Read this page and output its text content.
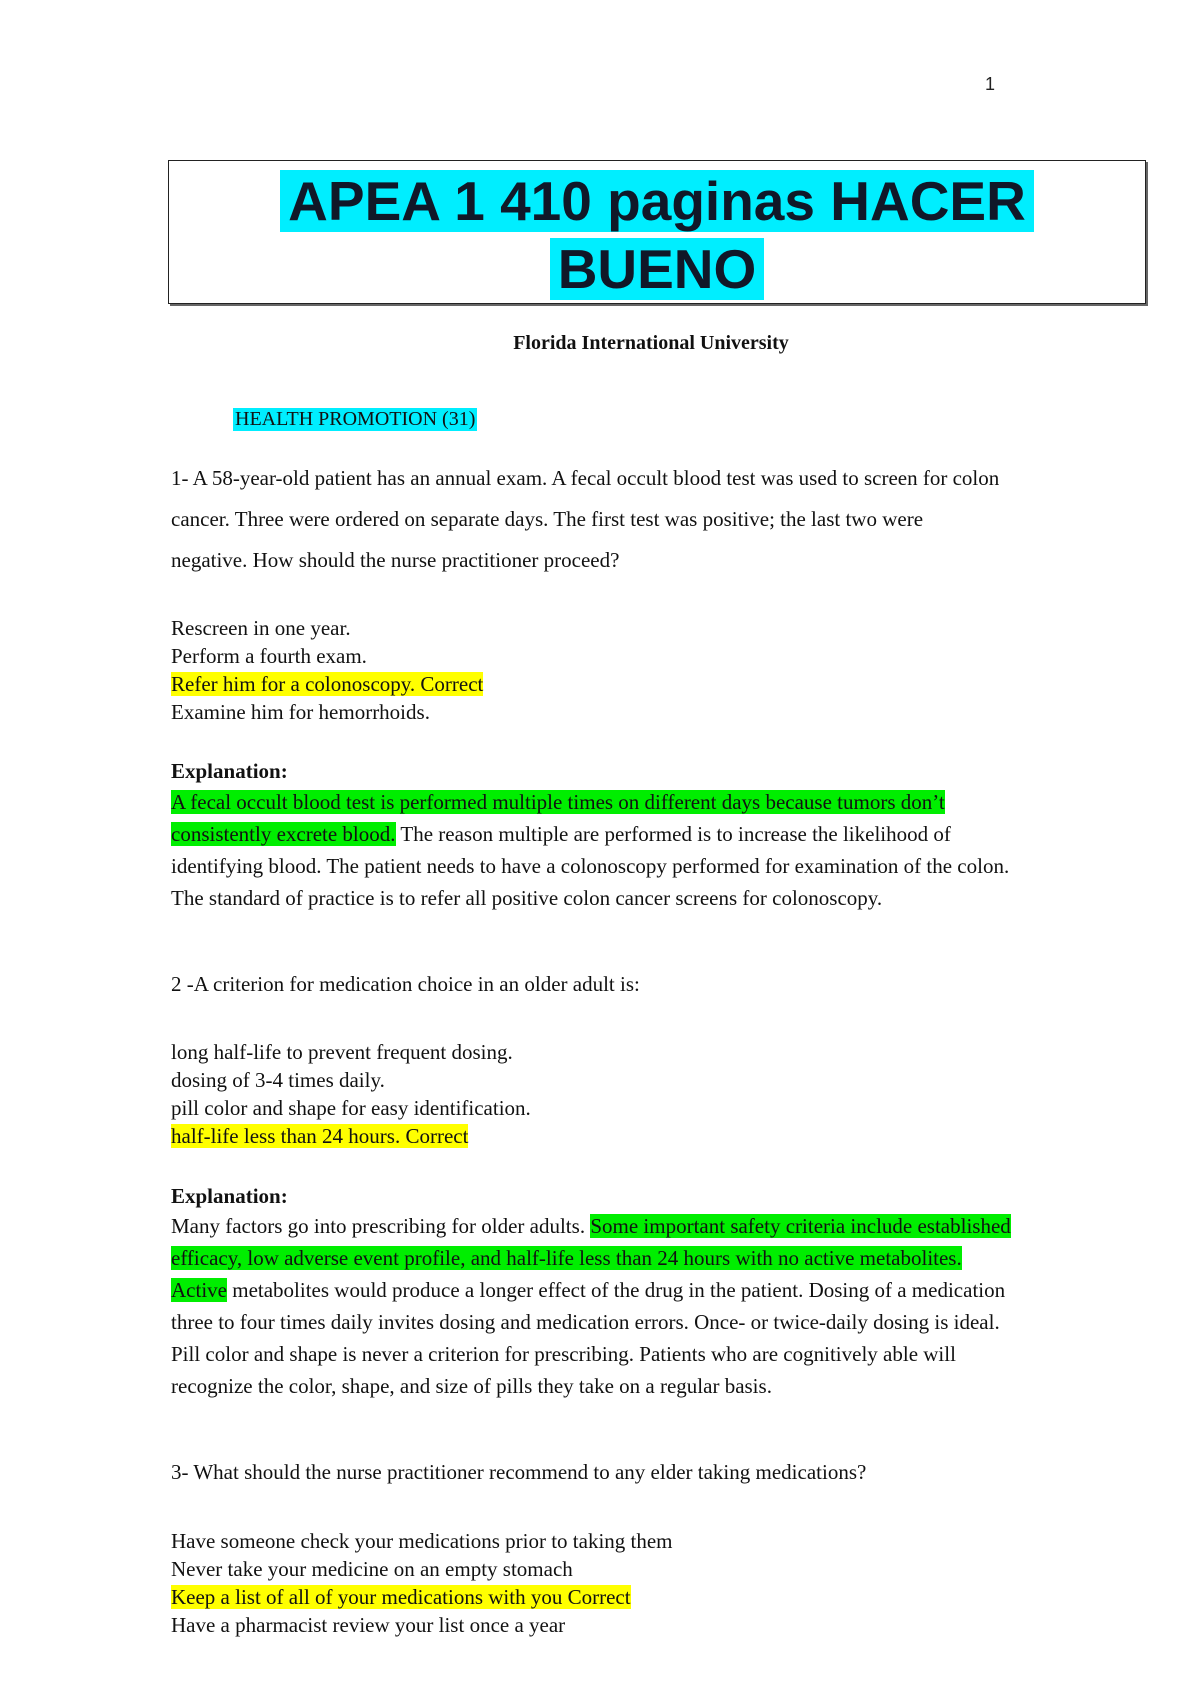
1
APEA 1 410 paginas HACER
BUENO
Florida International University
HEALTH PROMOTION (31)
1- A 58-year-old patient has an annual exam. A fecal occult blood test was used to screen for colon cancer. Three were ordered on separate days. The first test was positive; the last two were negative. How should the nurse practitioner proceed?
Rescreen in one year.
Perform a fourth exam.
Refer him for a colonoscopy. Correct
Examine him for hemorrhoids.
Explanation:
A fecal occult blood test is performed multiple times on different days because tumors don’t consistently excrete blood. The reason multiple are performed is to increase the likelihood of identifying blood. The patient needs to have a colonoscopy performed for examination of the colon. The standard of practice is to refer all positive colon cancer screens for colonoscopy.
2 -A criterion for medication choice in an older adult is:
long half-life to prevent frequent dosing.
dosing of 3-4 times daily.
pill color and shape for easy identification.
half-life less than 24 hours. Correct
Explanation:
Many factors go into prescribing for older adults. Some important safety criteria include established efficacy, low adverse event profile, and half-life less than 24 hours with no active metabolites. Active metabolites would produce a longer effect of the drug in the patient. Dosing of a medication three to four times daily invites dosing and medication errors. Once- or twice-daily dosing is ideal. Pill color and shape is never a criterion for prescribing. Patients who are cognitively able will recognize the color, shape, and size of pills they take on a regular basis.
3- What should the nurse practitioner recommend to any elder taking medications?
Have someone check your medications prior to taking them
Never take your medicine on an empty stomach
Keep a list of all of your medications with you Correct
Have a pharmacist review your list once a year
